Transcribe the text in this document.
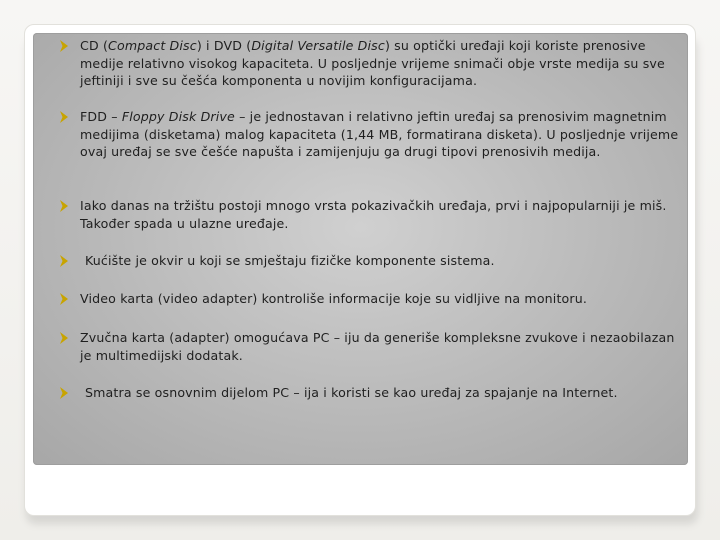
CD (Compact Disc) i DVD (Digital Versatile Disc) su optički uređaji koji koriste prenosive medije relativno visokog kapaciteta. U posljednje vrijeme snimači obje vrste medija su sve jeftiniji i sve su češća komponenta u novijim konfiguracijama.
FDD – Floppy Disk Drive – je jednostavan i relativno jeftin uređaj sa prenosivim magnetnim medijima (disketama) malog kapaciteta (1,44 MB, formatirana disketa). U posljednje vrijeme ovaj uređaj se sve češće napušta i zamijenjuju ga drugi tipovi prenosivih medija.
Iako danas na tržištu postoji mnogo vrsta pokazivačkih uređaja, prvi i najpopularniji je miš. Također spada u ulazne uređaje.
Kućište je okvir u koji se smještaju fizičke komponente sistema.
Video karta (video adapter) kontroliše informacije koje su vidljive na monitoru.
Zvučna karta (adapter) omogućava PC – iju da generiše kompleksne zvukove i nezaobilazan je multimedijski dodatak.
Smatra se osnovnim dijelom PC – ija i koristi se kao uređaj za spajanje na Internet.
